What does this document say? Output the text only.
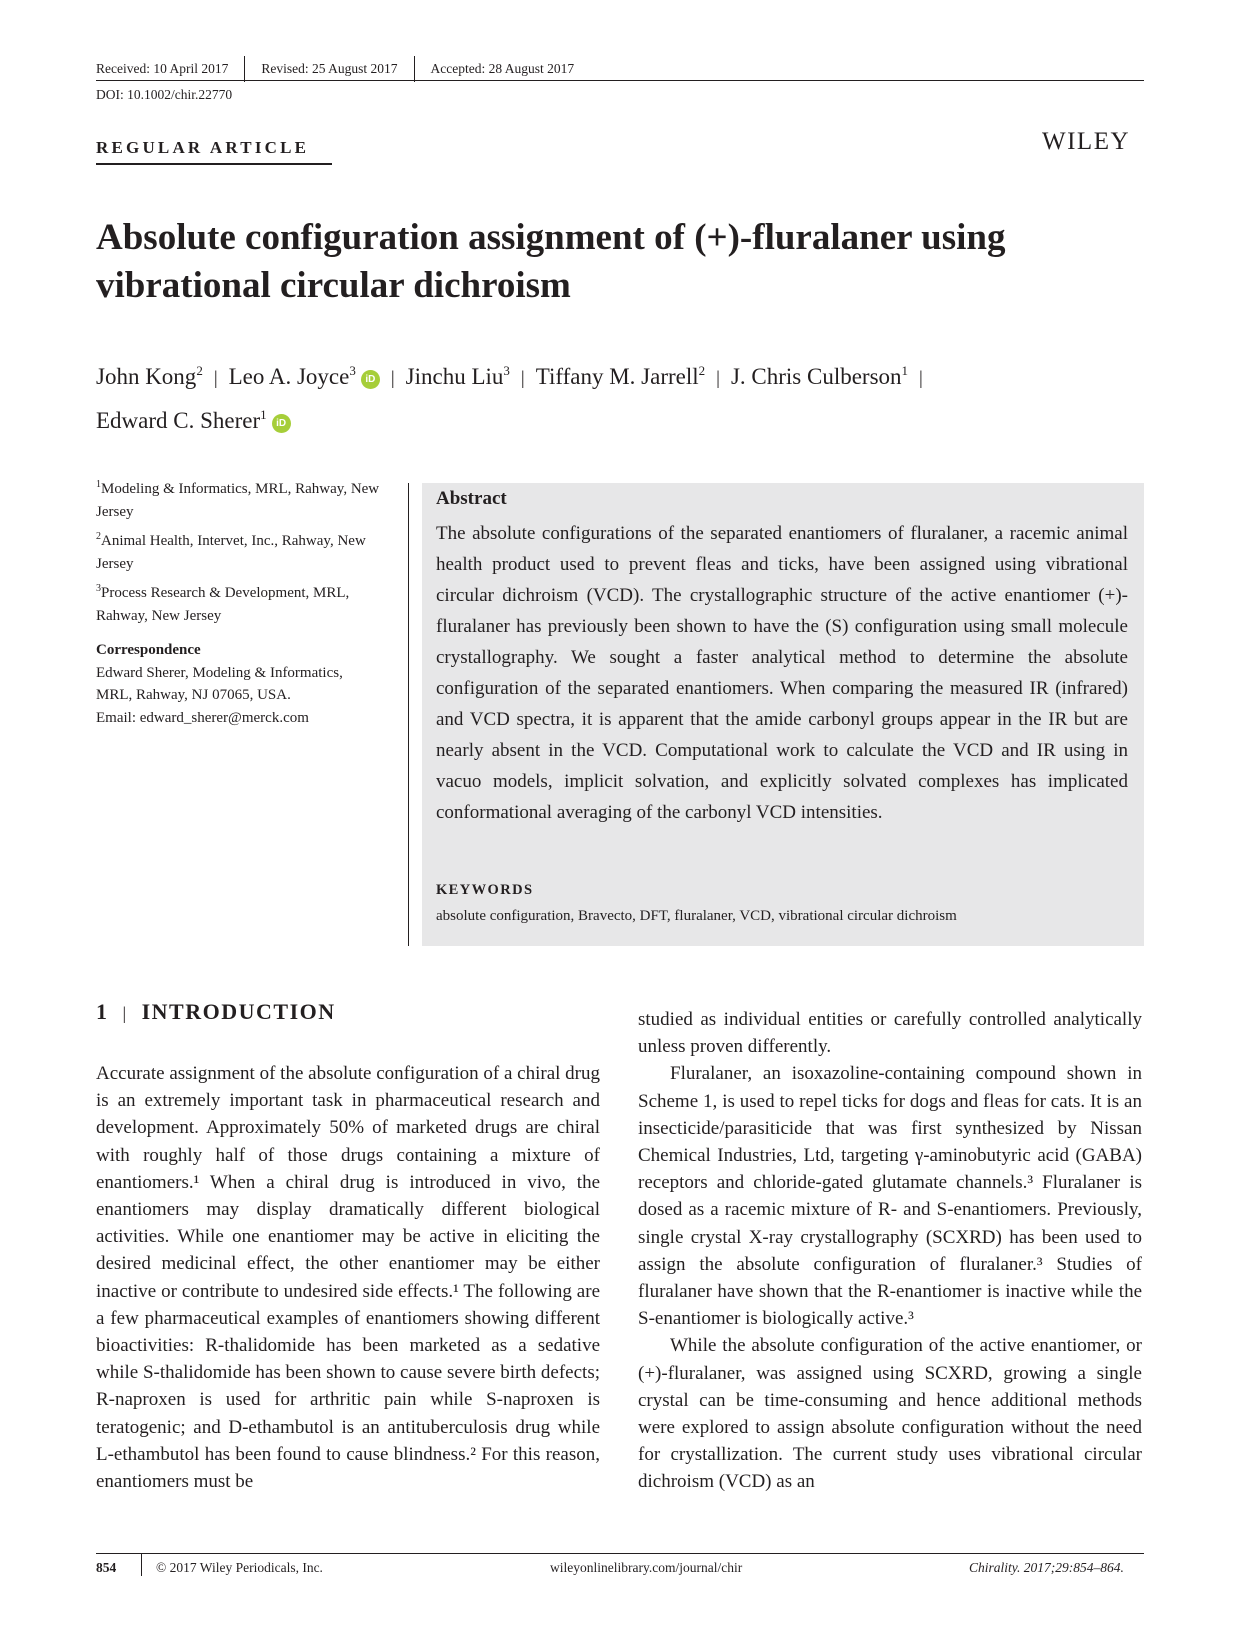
Received: 10 April 2017 Revised: 25 August 2017 Accepted: 28 August 2017
DOI: 10.1002/chir.22770
REGULAR ARTICLE	WILEY
Absolute configuration assignment of (+)-fluralaner using vibrational circular dichroism
John Kong$^2$ | Leo A. Joyce$^3$iD | Jinchu Liu$^3$ | Tiffany M. Jarrell$^2$ | J. Chris Culberson$^1$ |
Edward C. Sherer$^1$iD
$^1$Modeling & Informatics, MRL, Rahway, New Jersey
$^2$Animal Health, Intervet, Inc., Rahway, New Jersey
$^3$Process Research & Development, MRL, Rahway, New Jersey
Correspondence
Edward Sherer, Modeling & Informatics,
MRL, Rahway, NJ 07065, USA.
Email: edward_sherer@merck.com
Abstract
The absolute configurations of the separated enantiomers of fluralaner, a racemic animal health product used to prevent fleas and ticks, have been assigned using vibrational circular dichroism (VCD). The crystallographic structure of the active enantiomer (+)-fluralaner has previously been shown to have the (S) configuration using small molecule crystallography. We sought a faster analytical method to determine the absolute configuration of the separated enantiomers. When comparing the measured IR (infrared) and VCD spectra, it is apparent that the amide carbonyl groups appear in the IR but are nearly absent in the VCD. Computational work to calculate the VCD and IR using in vacuo models, implicit solvation, and explicitly solvated complexes has implicated conformational averaging of the carbonyl VCD intensities.
KEYWORDS
absolute configuration, Bravecto, DFT, fluralaner, VCD, vibrational circular dichroism
1 | INTRODUCTION

Accurate assignment of the absolute configuration of a chiral drug is an extremely important task in pharmaceutical research and development. Approximately 50% of marketed drugs are chiral with roughly half of those drugs containing a mixture of enantiomers.¹ When a chiral drug is introduced in vivo, the enantiomers may display dramatically different biological activities. While one enantiomer may be active in eliciting the desired medicinal effect, the other enantiomer may be either inactive or contribute to undesired side effects.¹ The following are a few pharmaceutical examples of enantiomers showing different bioactivities: R-thalidomide has been marketed as a sedative while S-thalidomide has been shown to cause severe birth defects; R-naproxen is used for arthritic pain while S-naproxen is teratogenic; and D-ethambutol is an antituberculosis drug while L-ethambutol has been found to cause blindness.² For this reason, enantiomers must be

studied as individual entities or carefully controlled analytically unless proven differently.

Fluralaner, an isoxazoline-containing compound shown in Scheme 1, is used to repel ticks for dogs and fleas for cats. It is an insecticide/parasiticide that was first synthesized by Nissan Chemical Industries, Ltd, targeting γ-aminobutyric acid (GABA) receptors and chloride-gated glutamate channels.³ Fluralaner is dosed as a racemic mixture of R- and S-enantiomers. Previously, single crystal X-ray crystallography (SCXRD) has been used to assign the absolute configuration of fluralaner.³ Studies of fluralaner have shown that the R-enantiomer is inactive while the S-enantiomer is biologically active.³

While the absolute configuration of the active enantiomer, or (+)-fluralaner, was assigned using SCXRD, growing a single crystal can be time-consuming and hence additional methods were explored to assign absolute configuration without the need for crystallization. The current study uses vibrational circular dichroism (VCD) as an

854	© 2017 Wiley Periodicals, Inc.	wileyonlinelibrary.com/journal/chir	Chirality. 2017;29:854–864.
